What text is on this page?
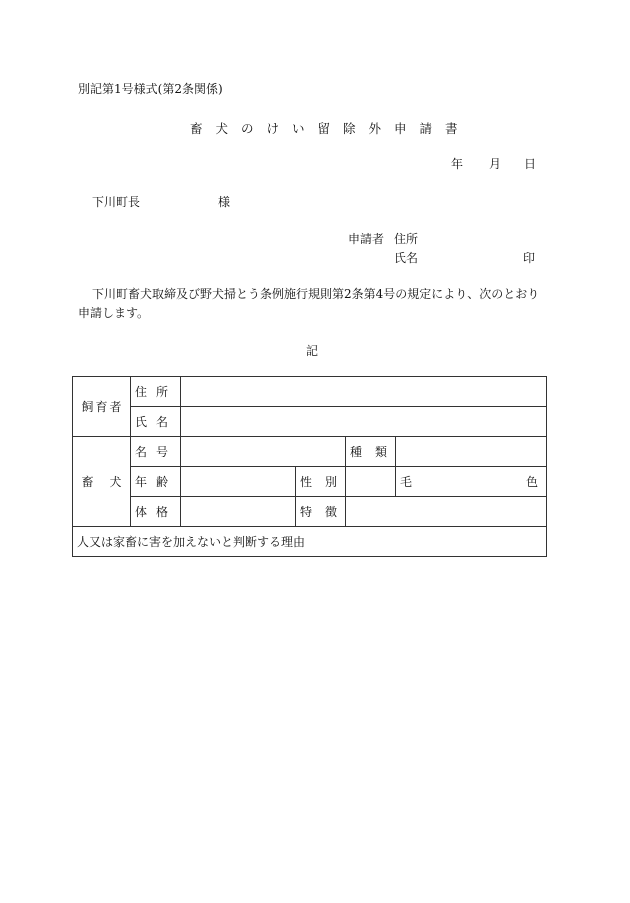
別記第1号様式(第2条関係)
畜犬のけい留除外申請書
年 月 日
下川町長	様
申請者 住所
氏名	印
下川町畜犬取締及び野犬掃とう条例施行規則第2条第4号の規定により、次のとおり申請します。
記
飼 育 者	住 所					

	氏 名					

畜 犬	名 号			種 類		

	年 齢		性 別		毛 色	

	体 格		特 徴			

人又は家畜に害を加えないと判断する理由						
